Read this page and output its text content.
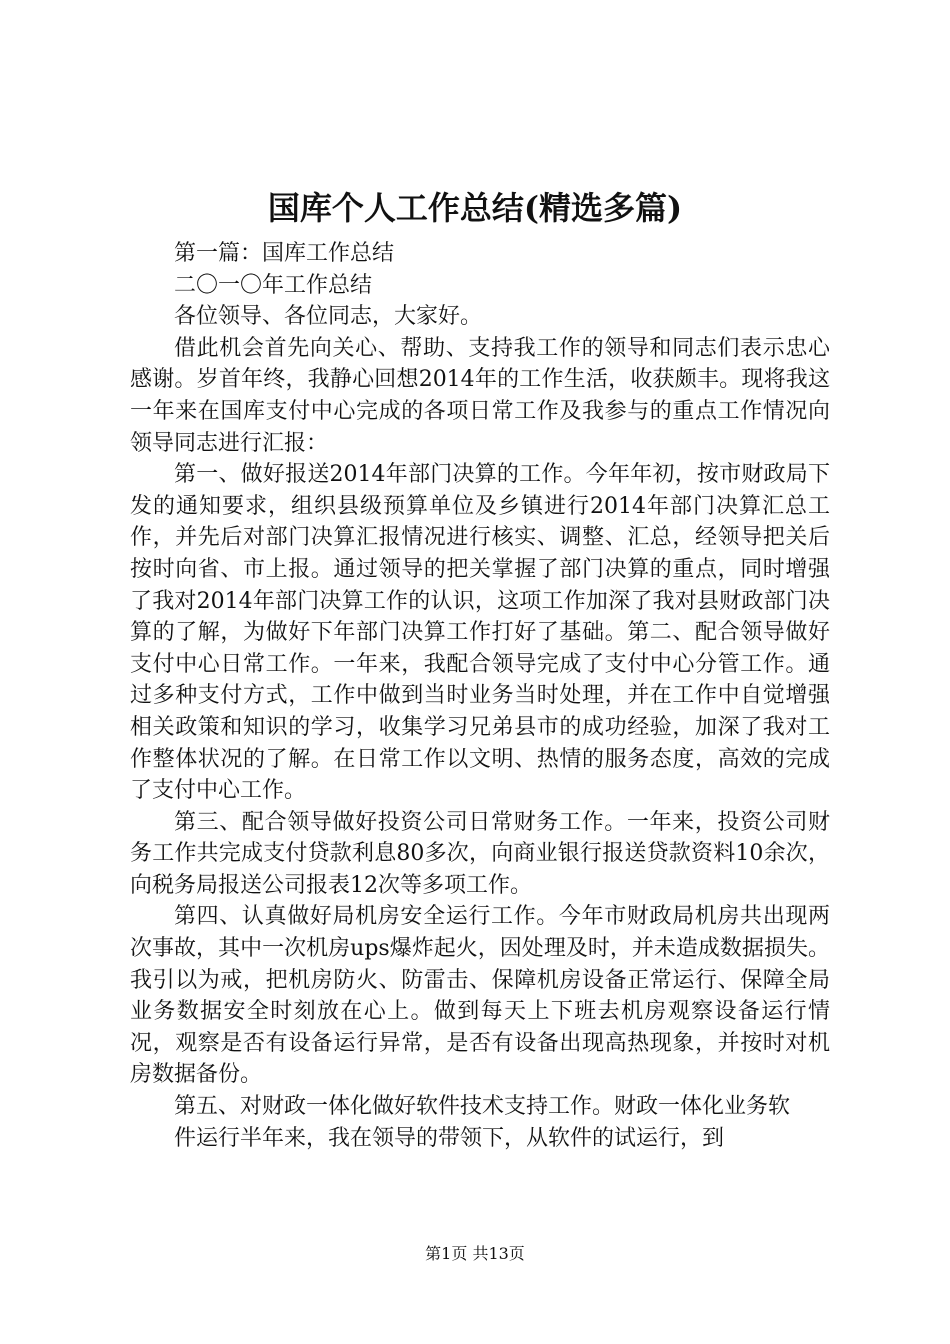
国库个人工作总结(精选多篇)

第一篇：国库工作总结

二〇一〇年工作总结

各位领导、各位同志，大家好。

借此机会首先向关心、帮助、支持我工作的领导和同志们表示忠心感谢。岁首年终，我静心回想2014年的工作生活，收获颇丰。现将我这一年来在国库支付中心完成的各项日常工作及我参与的重点工作情况向领导同志进行汇报：

第一、做好报送2014年部门决算的工作。今年年初，按市财政局下发的通知要求，组织县级预算单位及乡镇进行2014年部门决算汇总工作，并先后对部门决算汇报情况进行核实、调整、汇总，经领导把关后按时向省、市上报。通过领导的把关掌握了部门决算的重点，同时增强了我对2014年部门决算工作的认识，这项工作加深了我对县财政部门决算的了解，为做好下年部门决算工作打好了基础。第二、配合领导做好支付中心日常工作。一年来，我配合领导完成了支付中心分管工作。通过多种支付方式，工作中做到当时业务当时处理，并在工作中自觉增强相关政策和知识的学习，收集学习兄弟县市的成功经验，加深了我对工作整体状况的了解。在日常工作以文明、热情的服务态度，高效的完成了支付中心工作。

第三、配合领导做好投资公司日常财务工作。一年来，投资公司财务工作共完成支付贷款利息80多次，向商业银行报送贷款资料10余次，向税务局报送公司报表12次等多项工作。

第四、认真做好局机房安全运行工作。今年市财政局机房共出现两次事故，其中一次机房ups爆炸起火，因处理及时，并未造成数据损失。我引以为戒，把机房防火、防雷击、保障机房设备正常运行、保障全局业务数据安全时刻放在心上。做到每天上下班去机房观察设备运行情况，观察是否有设备运行异常，是否有设备出现高热现象，并按时对机房数据备份。

第五、对财政一体化做好软件技术支持工作。财政一体化业务软

件运行半年来，我在领导的带领下，从软件的试运行，到

第1页 共13页
